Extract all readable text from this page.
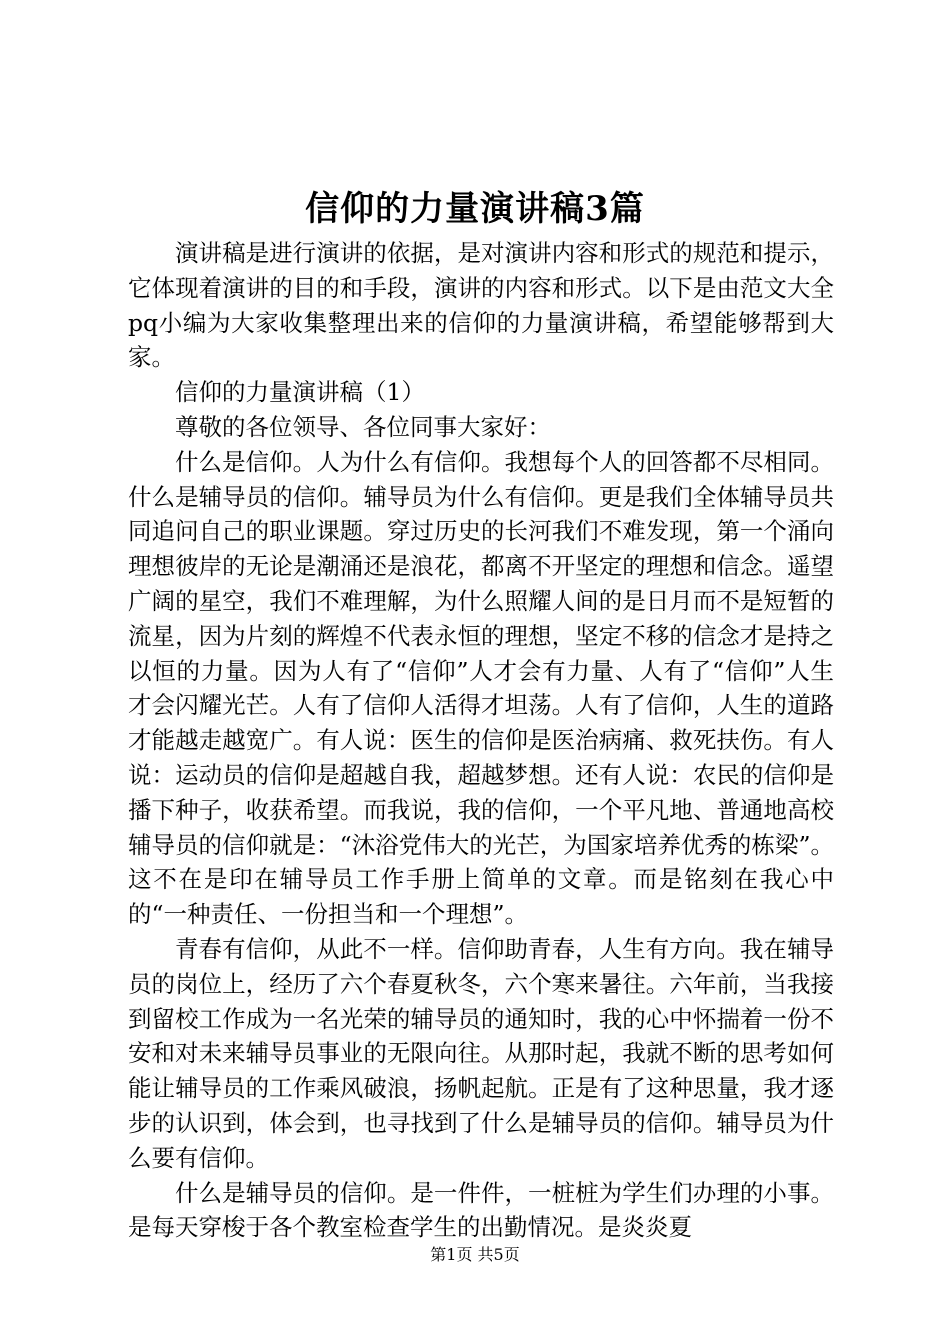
信仰的力量演讲稿3篇

演讲稿是进行演讲的依据，是对演讲内容和形式的规范和提示，它体现着演讲的目的和手段，演讲的内容和形式。以下是由范文大全pq小编为大家收集整理出来的信仰的力量演讲稿，希望能够帮到大家。

信仰的力量演讲稿（1）

尊敬的各位领导、各位同事大家好：

什么是信仰。人为什么有信仰。我想每个人的回答都不尽相同。什么是辅导员的信仰。辅导员为什么有信仰。更是我们全体辅导员共同追问自己的职业课题。穿过历史的长河我们不难发现，第一个涌向理想彼岸的无论是潮涌还是浪花，都离不开坚定的理想和信念。遥望广阔的星空，我们不难理解，为什么照耀人间的是日月而不是短暂的流星，因为片刻的辉煌不代表永恒的理想，坚定不移的信念才是持之以恒的力量。因为人有了“信仰”人才会有力量、人有了“信仰”人生才会闪耀光芒。人有了信仰人活得才坦荡。人有了信仰，人生的道路才能越走越宽广。有人说：医生的信仰是医治病痛、救死扶伤。有人说：运动员的信仰是超越自我，超越梦想。还有人说：农民的信仰是播下种子，收获希望。而我说，我的信仰，一个平凡地、普通地高校辅导员的信仰就是：“沐浴党伟大的光芒，为国家培养优秀的栋梁”。这不在是印在辅导员工作手册上简单的文章。而是铭刻在我心中的“一种责任、一份担当和一个理想”。

青春有信仰，从此不一样。信仰助青春，人生有方向。我在辅导员的岗位上，经历了六个春夏秋冬，六个寒来暑往。六年前，当我接到留校工作成为一名光荣的辅导员的通知时，我的心中怀揣着一份不安和对未来辅导员事业的无限向往。从那时起，我就不断的思考如何能让辅导员的工作乘风破浪，扬帆起航。正是有了这种思量，我才逐步的认识到，体会到，也寻找到了什么是辅导员的信仰。辅导员为什么要有信仰。

什么是辅导员的信仰。是一件件，一桩桩为学生们办理的小事。是每天穿梭于各个教室检查学生的出勤情况。是炎炎夏

第1页 共5页
